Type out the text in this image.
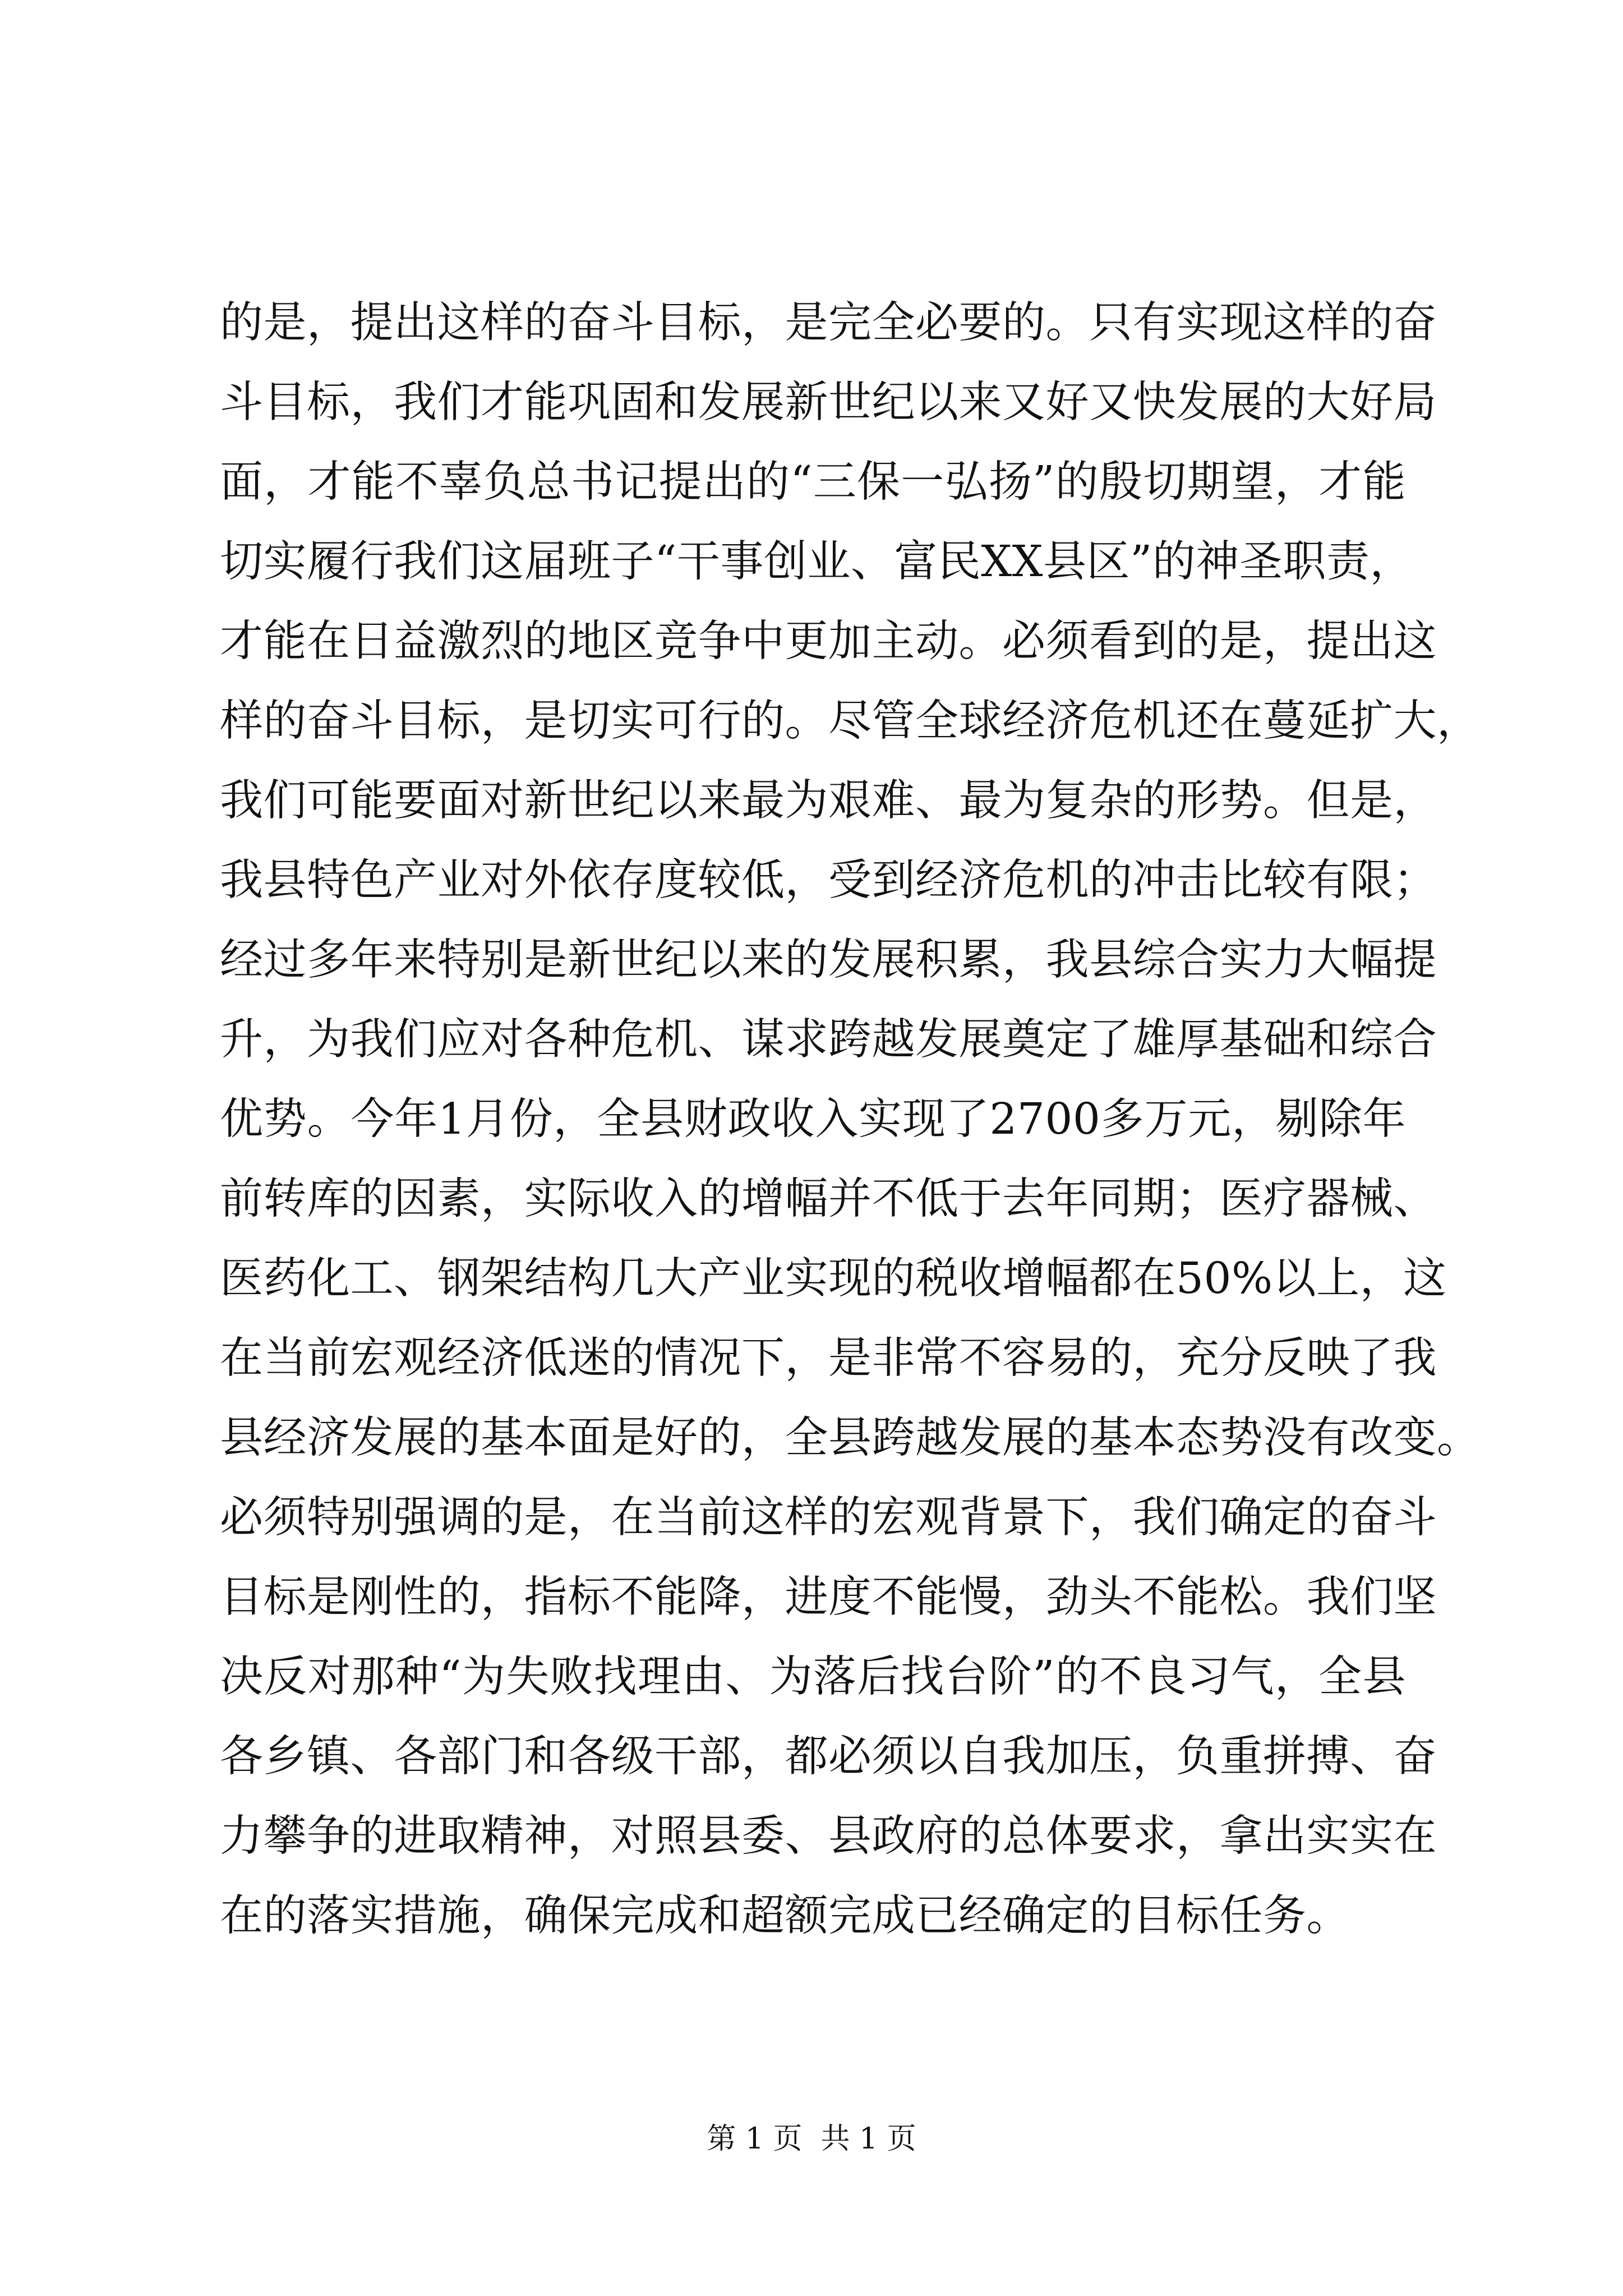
的是，提出这样的奋斗目标，是完全必要的。只有实现这样的奋
斗目标，我们才能巩固和发展新世纪以来又好又快发展的大好局
面，才能不辜负总书记提出的“三保一弘扬”的殷切期望，才能
切实履行我们这届班子“干事创业、富民XX县区”的神圣职责，
才能在日益激烈的地区竞争中更加主动。必须看到的是，提出这
样的奋斗目标，是切实可行的。尽管全球经济危机还在蔓延扩大，
我们可能要面对新世纪以来最为艰难、最为复杂的形势。但是，
我县特色产业对外依存度较低，受到经济危机的冲击比较有限；
经过多年来特别是新世纪以来的发展积累，我县综合实力大幅提
升，为我们应对各种危机、谋求跨越发展奠定了雄厚基础和综合
优势。今年1月份，全县财政收入实现了2700多万元，剔除年
前转库的因素，实际收入的增幅并不低于去年同期；医疗器械、
医药化工、钢架结构几大产业实现的税收增幅都在50%以上，这
在当前宏观经济低迷的情况下，是非常不容易的，充分反映了我
县经济发展的基本面是好的，全县跨越发展的基本态势没有改变。
必须特别强调的是，在当前这样的宏观背景下，我们确定的奋斗
目标是刚性的，指标不能降，进度不能慢，劲头不能松。我们坚
决反对那种“为失败找理由、为落后找台阶”的不良习气，全县
各乡镇、各部门和各级干部，都必须以自我加压，负重拼搏、奋
力攀争的进取精神，对照县委、县政府的总体要求，拿出实实在
在的落实措施，确保完成和超额完成已经确定的目标任务。
第 1 页  共 1 页
